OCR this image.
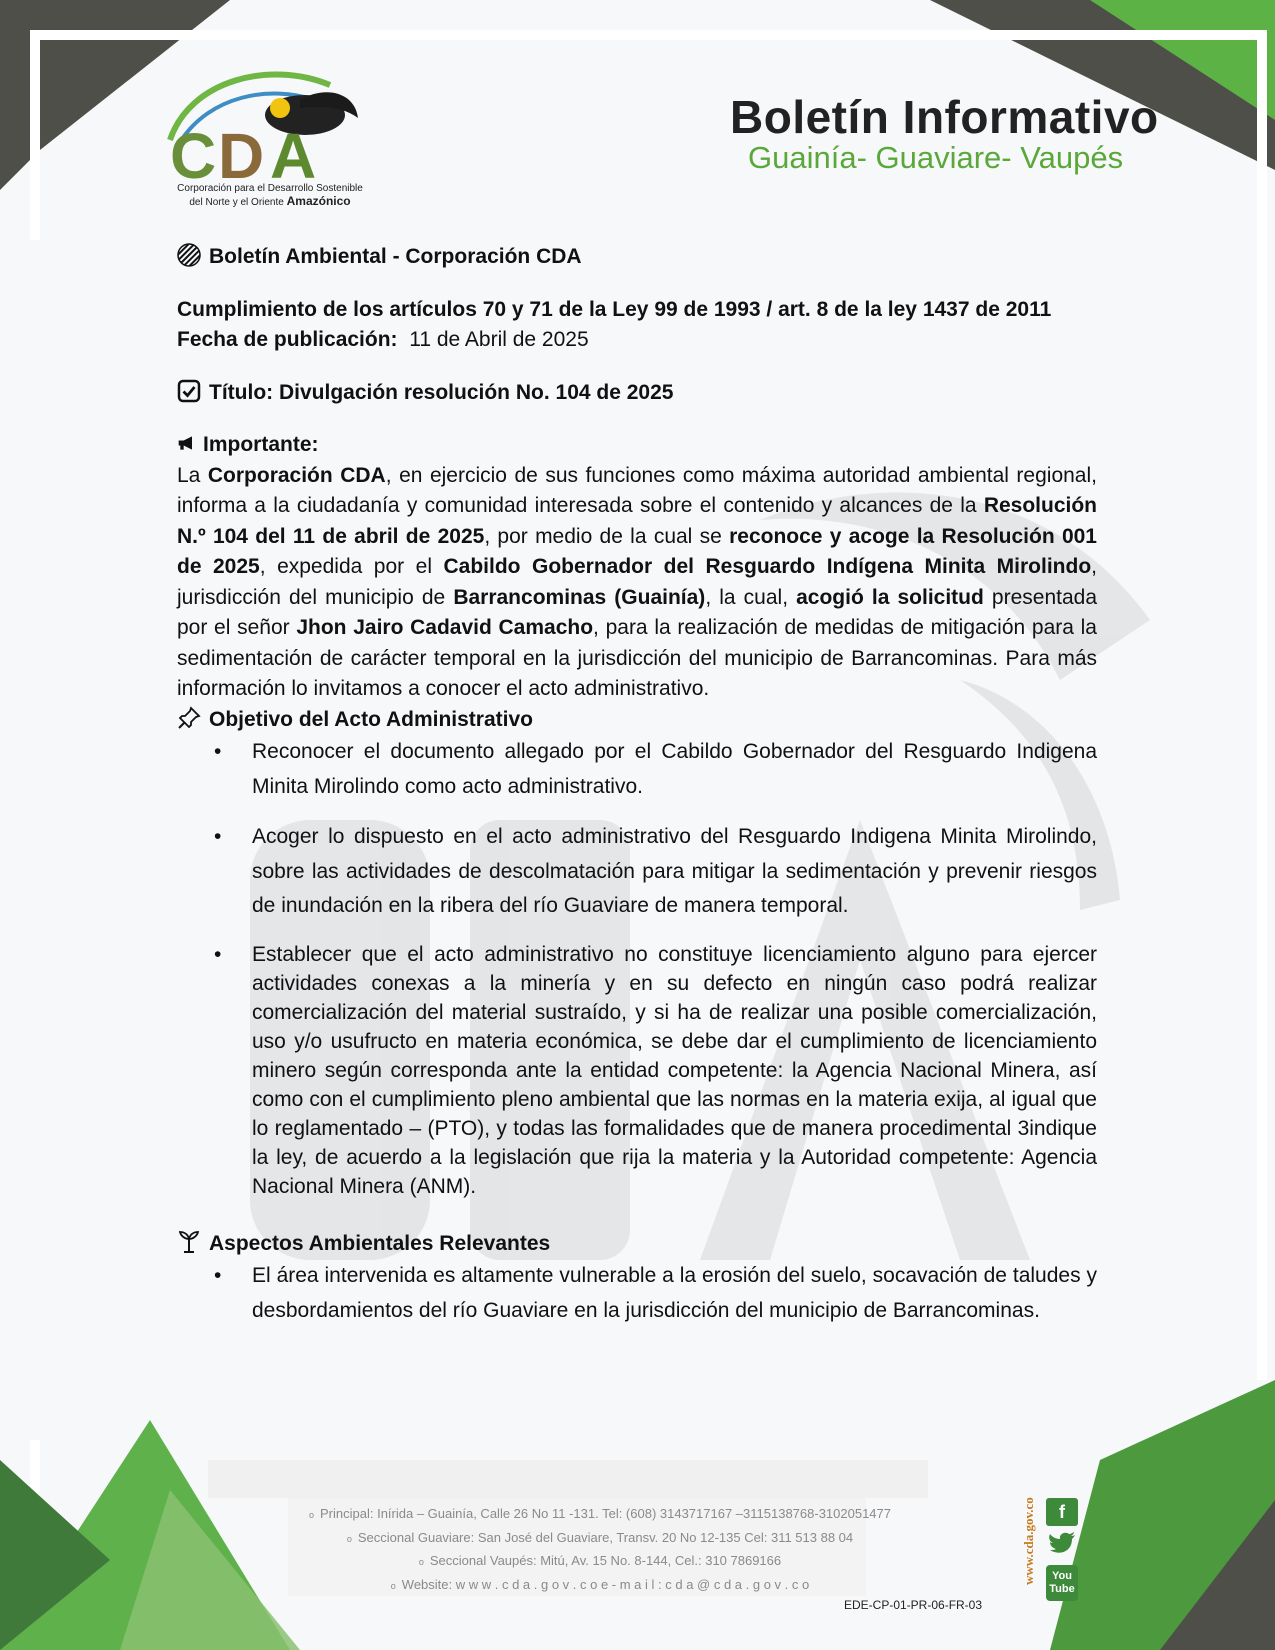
C D A
Corporación para el Desarrollo Sostenible
del Norte y el Oriente Amazónico
Boletín Informativo
Guainía- Guaviare- Vaupés
Boletín Ambiental - Corporación CDA
Cumplimiento de los artículos 70 y 71 de la Ley 99 de 1993 / art. 8 de la ley 1437 de 2011
Fecha de publicación: 11 de Abril de 2025
Título: Divulgación resolución No. 104 de 2025
Importante:
La Corporación CDA, en ejercicio de sus funciones como máxima autoridad ambiental regional, informa a la ciudadanía y comunidad interesada sobre el contenido y alcances de la Resolución N.º 104 del 11 de abril de 2025, por medio de la cual se reconoce y acoge la Resolución 001 de 2025, expedida por el Cabildo Gobernador del Resguardo Indígena Minita Mirolindo, jurisdicción del municipio de Barrancominas (Guainía), la cual, acogió la solicitud presentada por el señor Jhon Jairo Cadavid Camacho, para la realización de medidas de mitigación para la sedimentación de carácter temporal en la jurisdicción del municipio de Barrancominas. Para más información lo invitamos a conocer el acto administrativo.
Objetivo del Acto Administrativo
• Reconocer el documento allegado por el Cabildo Gobernador del Resguardo Indigena Minita Mirolindo como acto administrativo.
• Acoger lo dispuesto en el acto administrativo del Resguardo Indigena Minita Mirolindo, sobre las actividades de descolmatación para mitigar la sedimentación y prevenir riesgos de inundación en la ribera del río Guaviare de manera temporal.
• Establecer que el acto administrativo no constituye licenciamiento alguno para ejercer actividades conexas a la minería y en su defecto en ningún caso podrá realizar comercialización del material sustraído, y si ha de realizar una posible comercialización, uso y/o usufructo en materia económica, se debe dar el cumplimiento de licenciamiento minero según corresponda ante la entidad competente: la Agencia Nacional Minera, así como con el cumplimiento pleno ambiental que las normas en la materia exija, al igual que lo reglamentado – (PTO), y todas las formalidades que de manera procedimental 3indique la ley, de acuerdo a la legislación que rija la materia y la Autoridad competente: Agencia Nacional Minera (ANM).
Aspectos Ambientales Relevantes
• El área intervenida es altamente vulnerable a la erosión del suelo, socavación de taludes y desbordamientos del río Guaviare en la jurisdicción del municipio de Barrancominas.
o Principal: Inírida – Guainía, Calle 26 No 11 -131. Tel: (608) 3143717167 –3115138768-3102051477
o Seccional Guaviare: San José del Guaviare, Transv. 20 No 12-135 Cel: 311 513 88 04
o Seccional Vaupés: Mitú, Av. 15 No. 8-144, Cel.: 310 7869166
o Website: w w w . c d a . g o v . c o e - m a i l : c d a @ c d a . g o v . c o
EDE-CP-01-PR-06-FR-03
www.cda.gov.co	f
You
Tube
